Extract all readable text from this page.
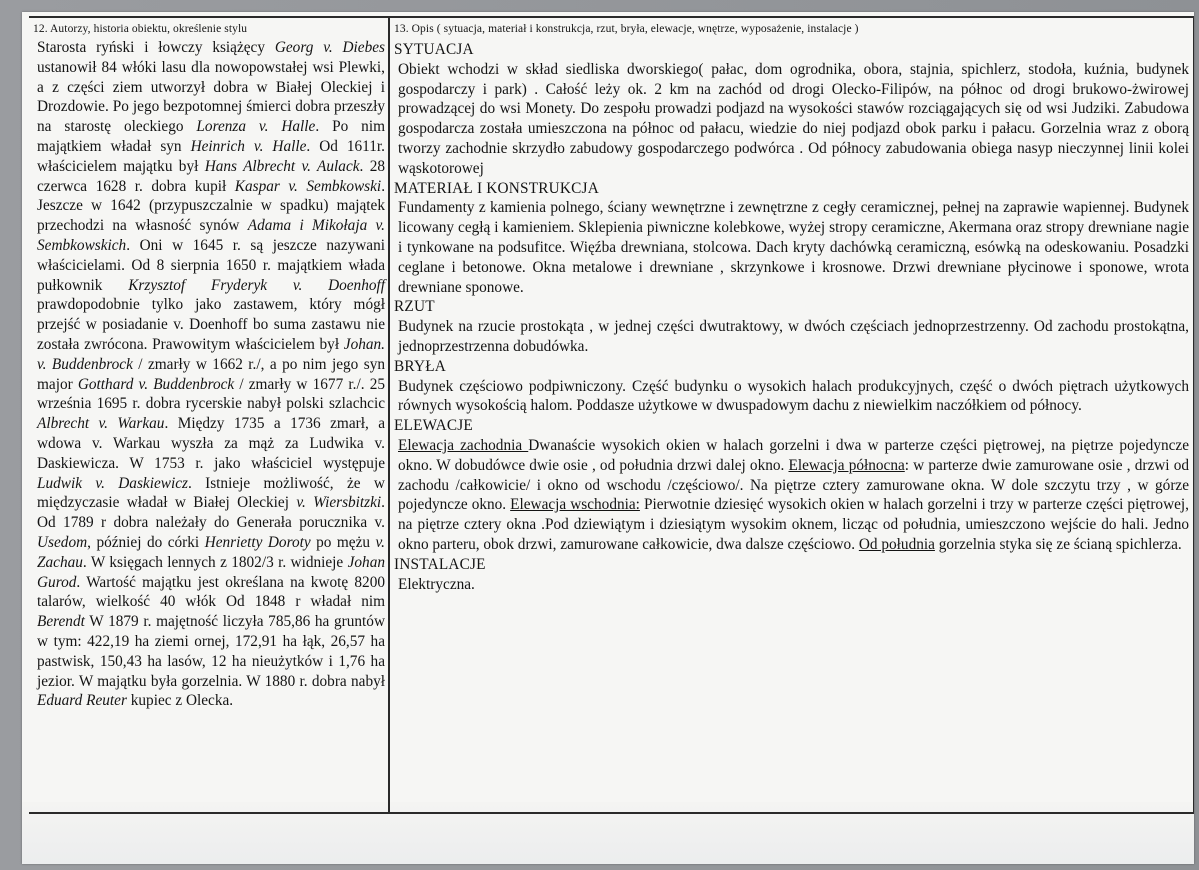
12. Autorzy, historia obiektu, określenie stylu

Starosta ryński i łowczy książęcy Georg v. Diebes ustanowił 84 włóki lasu dla nowopowstałej wsi Plewki, a z części ziem utworzył dobra w Białej Oleckiej i Drozdowie. Po jego bezpotomnej śmierci dobra przeszły na starostę oleckiego Lorenza v. Halle. Po nim majątkiem władał syn Heinrich v. Halle. Od 1611r. właścicielem majątku był Hans Albrecht v. Aulack. 28 czerwca 1628 r. dobra kupił Kaspar v. Sembkowski. Jeszcze w 1642 (przypuszczalnie w spadku) majątek przechodzi na własność synów Adama i Mikołaja v. Sembkowskich. Oni w 1645 r. są jeszcze nazywani właścicielami. Od 8 sierpnia 1650 r. majątkiem włada pułkownik Krzysztof Fryderyk v. Doenhoff prawdopodobnie tylko jako zastawem, który mógł przejść w posiadanie v. Doenhoff bo suma zastawu nie została zwrócona. Prawowitym właścicielem był Johan. v. Buddenbrock / zmarły w 1662 r./, a po nim jego syn major Gotthard v. Buddenbrock / zmarły w 1677 r./. 25 września 1695 r. dobra rycerskie nabył polski szlachcic Albrecht v. Warkau. Między 1735 a 1736 zmarł, a wdowa v. Warkau wyszła za mąż za Ludwika v. Daskiewicza. W 1753 r. jako właściciel występuje Ludwik v. Daskiewicz. Istnieje możliwość, że w międzyczasie władał w Białej Oleckiej v. Wiersbitzki. Od 1789 r dobra należały do Generała porucznika v. Usedom, później do córki Henrietty Doroty po mężu v. Zachau. W księgach lennych z 1802/3 r. widnieje Johan Gurod. Wartość majątku jest określana na kwotę 8200 talarów, wielkość 40 włók Od 1848 r władał nim Berendt W 1879 r. majętność liczyła 785,86 ha gruntów w tym: 422,19 ha ziemi ornej, 172,91 ha łąk, 26,57 ha pastwisk, 150,43 ha lasów, 12 ha nieużytków i 1,76 ha jezior. W majątku była gorzelnia. W 1880 r. dobra nabył Eduard Reuter kupiec z Olecka.

13. Opis ( sytuacja, materiał i konstrukcja, rzut, bryła, elewacje, wnętrze, wyposażenie, instalacje )

SYTUACJA

Obiekt wchodzi w skład siedliska dworskiego( pałac, dom ogrodnika, obora, stajnia, spichlerz, stodoła, kuźnia, budynek gospodarczy i park) . Całość leży ok. 2 km na zachód od drogi Olecko-Filipów, na północ od drogi brukowo-żwirowej prowadzącej do wsi Monety. Do zespołu prowadzi podjazd na wysokości stawów rozciągających się od wsi Judziki. Zabudowa gospodarcza została umieszczona na północ od pałacu, wiedzie do niej podjazd obok parku i pałacu. Gorzelnia wraz z oborą tworzy zachodnie skrzydło zabudowy gospodarczego podwórca . Od północy zabudowania obiega nasyp nieczynnej linii kolei wąskotorowej

MATERIAŁ I KONSTRUKCJA

Fundamenty z kamienia polnego, ściany wewnętrzne i zewnętrzne z cegły ceramicznej, pełnej na zaprawie wapiennej. Budynek licowany cegłą i kamieniem. Sklepienia piwniczne kolebkowe, wyżej stropy ceramiczne, Akermana oraz stropy drewniane nagie i tynkowane na podsufitce. Więźba drewniana, stolcowa. Dach kryty dachówką ceramiczną, esówką na odeskowaniu. Posadzki ceglane i betonowe. Okna metalowe i drewniane , skrzynkowe i krosnowe. Drzwi drewniane płycinowe i sponowe, wrota drewniane sponowe.

RZUT

Budynek na rzucie prostokąta , w jednej części dwutraktowy, w dwóch częściach jednoprzestrzenny. Od zachodu prostokątna, jednoprzestrzenna dobudówka.

BRYŁA

Budynek częściowo podpiwniczony. Część budynku o wysokich halach produkcyjnych, część o dwóch piętrach użytkowych równych wysokością halom. Poddasze użytkowe w dwuspadowym dachu z niewielkim naczółkiem od północy.

ELEWACJE

Elewacja zachodnia Dwanaście wysokich okien w halach gorzelni i dwa w parterze części piętrowej, na piętrze pojedyncze okno. W dobudówce dwie osie , od południa drzwi dalej okno. Elewacja północna: w parterze dwie zamurowane osie , drzwi od zachodu /całkowicie/ i okno od wschodu /częściowo/. Na piętrze cztery zamurowane okna. W dole szczytu trzy , w górze pojedyncze okno. Elewacja wschodnia: Pierwotnie dziesięć wysokich okien w halach gorzelni i trzy w parterze części piętrowej, na piętrze cztery okna .Pod dziewiątym i dziesiątym wysokim oknem, licząc od południa, umieszczono wejście do hali. Jedno okno parteru, obok drzwi, zamurowane całkowicie, dwa dalsze częściowo. Od południa gorzelnia styka się ze ścianą spichlerza.

INSTALACJE

Elektryczna.
